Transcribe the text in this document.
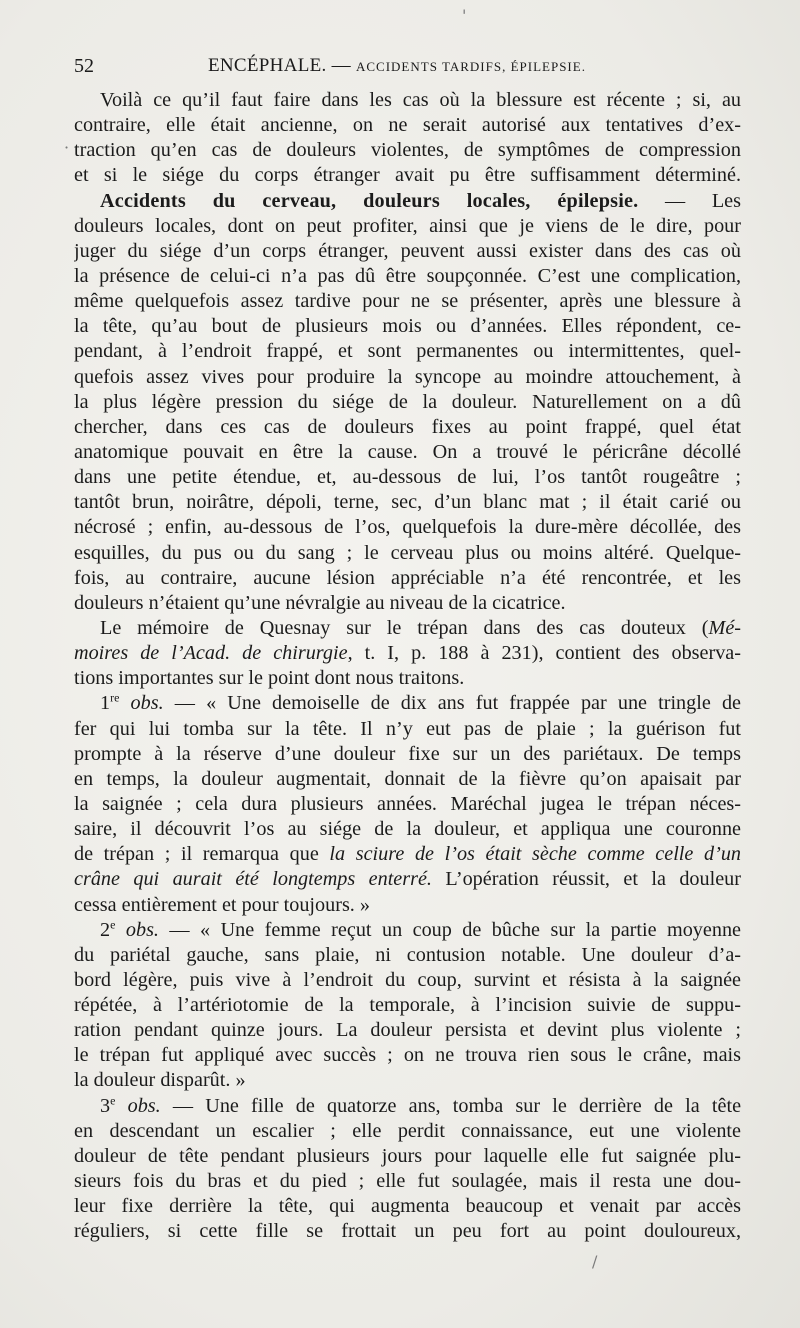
52	ENCÉPHALE. — ACCIDENTS TARDIFS, ÉPILEPSIE.
Voilà ce qu’il faut faire dans les cas où la blessure est récente ; si, au
contraire, elle était ancienne, on ne serait autorisé aux tentatives d’ex-
traction qu’en cas de douleurs violentes, de symptômes de compression
et si le siége du corps étranger avait pu être suffisamment déterminé.
Accidents du cerveau, douleurs locales, épilepsie. — Les
douleurs locales, dont on peut profiter, ainsi que je viens de le dire, pour
juger du siége d’un corps étranger, peuvent aussi exister dans des cas où
la présence de celui-ci n’a pas dû être soupçonnée. C’est une complication,
même quelquefois assez tardive pour ne se présenter, après une blessure à
la tête, qu’au bout de plusieurs mois ou d’années. Elles répondent, ce-
pendant, à l’endroit frappé, et sont permanentes ou intermittentes, quel-
quefois assez vives pour produire la syncope au moindre attouchement, à
la plus légère pression du siége de la douleur. Naturellement on a dû
chercher, dans ces cas de douleurs fixes au point frappé, quel état
anatomique pouvait en être la cause. On a trouvé le péricrâne décollé
dans une petite étendue, et, au-dessous de lui, l’os tantôt rougeâtre ;
tantôt brun, noirâtre, dépoli, terne, sec, d’un blanc mat ; il était carié ou
nécrosé ; enfin, au-dessous de l’os, quelquefois la dure-mère décollée, des
esquilles, du pus ou du sang ; le cerveau plus ou moins altéré. Quelque-
fois, au contraire, aucune lésion appréciable n’a été rencontrée, et les
douleurs n’étaient qu’une névralgie au niveau de la cicatrice.
Le mémoire de Quesnay sur le trépan dans des cas douteux (Mé-
moires de l’Acad. de chirurgie, t. I, p. 188 à 231), contient des observa-
tions importantes sur le point dont nous traitons.
1re obs. — « Une demoiselle de dix ans fut frappée par une tringle de
fer qui lui tomba sur la tête. Il n’y eut pas de plaie ; la guérison fut
prompte à la réserve d’une douleur fixe sur un des pariétaux. De temps
en temps, la douleur augmentait, donnait de la fièvre qu’on apaisait par
la saignée ; cela dura plusieurs années. Maréchal jugea le trépan néces-
saire, il découvrit l’os au siége de la douleur, et appliqua une couronne
de trépan ; il remarqua que la sciure de l’os était sèche comme celle d’un
crâne qui aurait été longtemps enterré. L’opération réussit, et la douleur
cessa entièrement et pour toujours. »
2e obs. — « Une femme reçut un coup de bûche sur la partie moyenne
du pariétal gauche, sans plaie, ni contusion notable. Une douleur d’a-
bord légère, puis vive à l’endroit du coup, survint et résista à la saignée
répétée, à l’artériotomie de la temporale, à l’incision suivie de suppu-
ration pendant quinze jours. La douleur persista et devint plus violente ;
le trépan fut appliqué avec succès ; on ne trouva rien sous le crâne, mais
la douleur disparût. »
3e obs. — Une fille de quatorze ans, tomba sur le derrière de la tête
en descendant un escalier ; elle perdit connaissance, eut une violente
douleur de tête pendant plusieurs jours pour laquelle elle fut saignée plu-
sieurs fois du bras et du pied ; elle fut soulagée, mais il resta une dou-
leur fixe derrière la tête, qui augmenta beaucoup et venait par accès
réguliers, si cette fille se frottait un peu fort au point douloureux,
·
'
/
